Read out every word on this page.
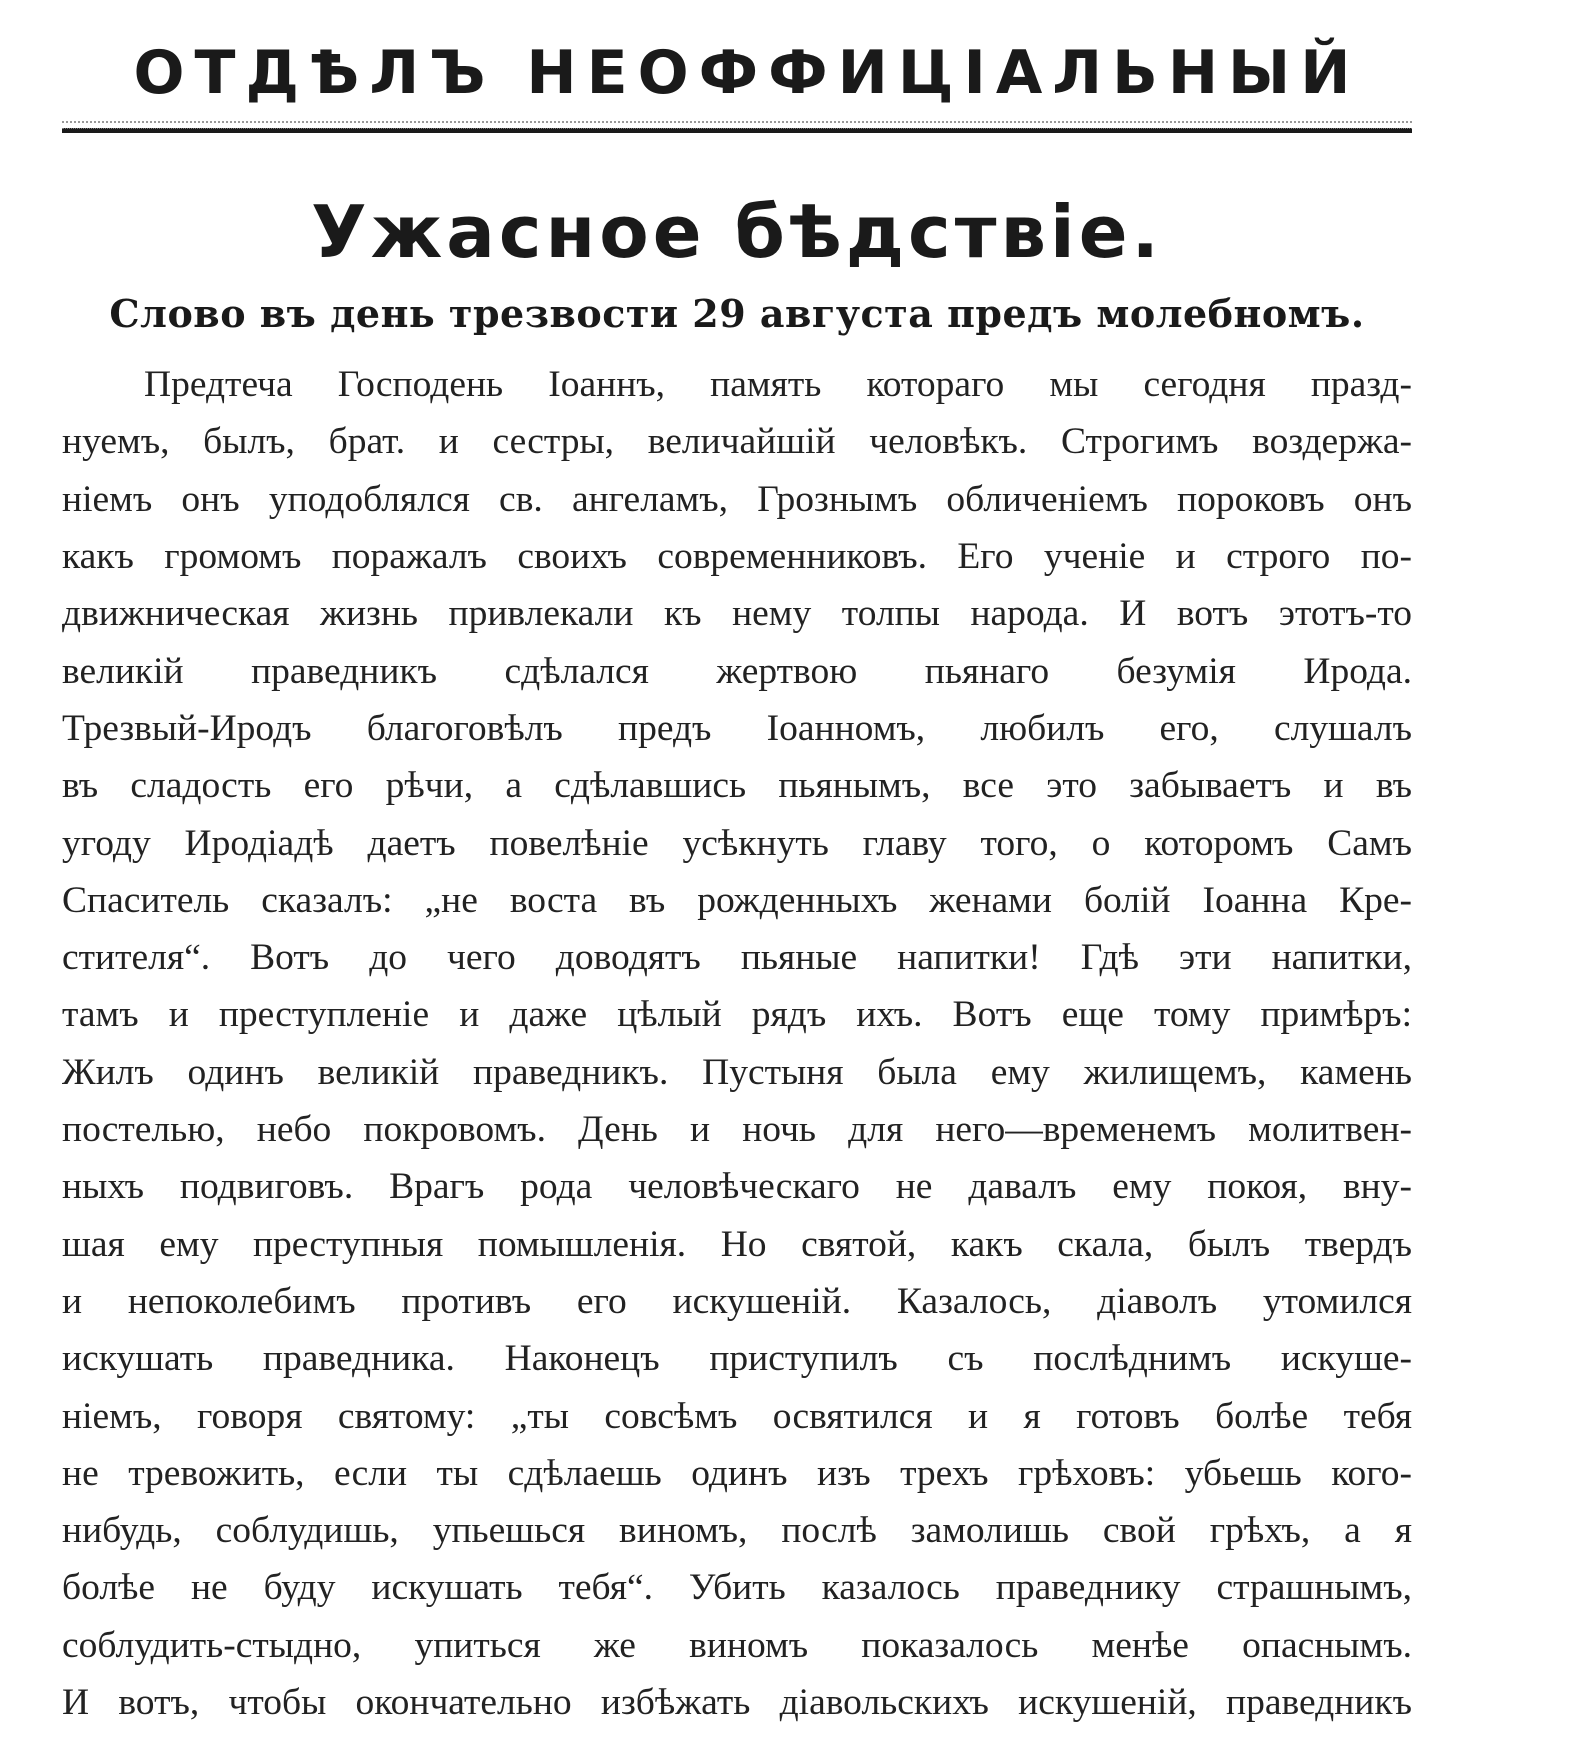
ОТДѢЛЪ НЕОФФИЦІАЛЬНЫЙ
Ужасное бѣдствіе.
Слово въ день трезвости 29 августа предъ молебномъ.
Предтеча Господень Іоаннъ, память котораго мы сегодня празд-
нуемъ, былъ, брат. и сестры, величайшій человѣкъ. Строгимъ воздержа-
ніемъ онъ уподоблялся св. ангеламъ, Грознымъ обличеніемъ пороковъ онъ
какъ громомъ поражалъ своихъ современниковъ. Его ученіе и строго по-
движническая жизнь привлекали къ нему толпы народа. И вотъ этотъ-то
великій праведникъ сдѣлался жертвою пьянаго безумія Ирода.
Трезвый-Иродъ благоговѣлъ предъ Іоанномъ, любилъ его, слушалъ
въ сладость его рѣчи, а сдѣлавшись пьянымъ, все это забываетъ и въ
угоду Иродіадѣ даетъ повелѣніе усѣкнуть главу того, о которомъ Самъ
Спаситель сказалъ: „не воста въ рожденныхъ женами болій Іоанна Кре-
стителя“. Вотъ до чего доводятъ пьяные напитки! Гдѣ эти напитки,
тамъ и преступленіе и даже цѣлый рядъ ихъ. Вотъ еще тому примѣръ:
Жилъ одинъ великій праведникъ. Пустыня была ему жилищемъ, камень
постелью, небо покровомъ. День и ночь для него—временемъ молитвен-
ныхъ подвиговъ. Врагъ рода человѣческаго не давалъ ему покоя, вну-
шая ему преступныя помышленія. Но святой, какъ скала, былъ твердъ
и непоколебимъ противъ его искушеній. Казалось, діаволъ утомился
искушать праведника. Наконецъ приступилъ съ послѣднимъ искуше-
ніемъ, говоря святому: „ты совсѣмъ освятился и я готовъ болѣе тебя
не тревожить, если ты сдѣлаешь одинъ изъ трехъ грѣховъ: убьешь кого-
нибудь, соблудишь, упьешься виномъ, послѣ замолишь свой грѣхъ, а я
болѣе не буду искушать тебя“. Убить казалось праведнику страшнымъ,
соблудить-стыдно, упиться же виномъ показалось менѣе опаснымъ.
И вотъ, чтобы окончательно избѣжать діавольскихъ искушеній, праведникъ
